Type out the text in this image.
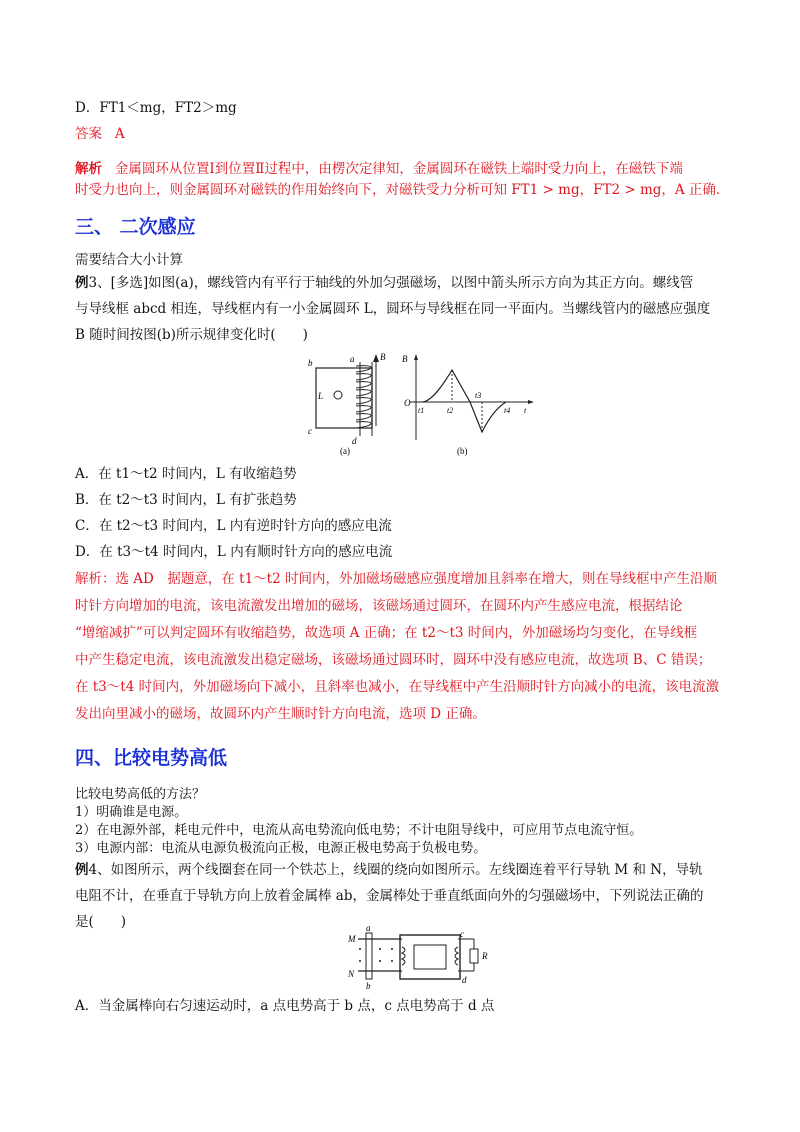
D．FT1＜mg，FT2＞mg
答案 A
解析 金属圆环从位置Ⅰ到位置Ⅱ过程中，由楞次定律知，金属圆环在磁铁上端时受力向上，在磁铁下端
时受力也向上，则金属圆环对磁铁的作用始终向下，对磁铁受力分析可知 FT1 > mg，FT2 > mg，A 正确．
三、 二次感应
需要结合大小计算
例3、[多选]如图(a)，螺线管内有平行于轴线的外加匀强磁场，以图中箭头所示方向为其正方向。螺线管
与导线框 abcd 相连，导线框内有一小金属圆环 L，圆环与导线框在同一平面内。当螺线管内的磁感应强度
B 随时间按图(b)所示规律变化时(　　)
L
b	a	B
c
d
(a)
B
O
t1	t2
t3
t4 t
(b)
A．在 t1～t2 时间内，L 有收缩趋势
B．在 t2～t3 时间内，L 有扩张趋势
C．在 t2～t3 时间内，L 内有逆时针方向的感应电流
D．在 t3～t4 时间内，L 内有顺时针方向的感应电流
解析：选 AD　据题意，在 t1～t2 时间内，外加磁场磁感应强度增加且斜率在增大，则在导线框中产生沿顺
时针方向增加的电流，该电流激发出增加的磁场，该磁场通过圆环，在圆环内产生感应电流，根据结论
“增缩减扩”可以判定圆环有收缩趋势，故选项 A 正确；在 t2～t3 时间内，外加磁场均匀变化，在导线框
中产生稳定电流，该电流激发出稳定磁场，该磁场通过圆环时，圆环中没有感应电流，故选项 B、C 错误；
在 t3～t4 时间内，外加磁场向下减小，且斜率也减小，在导线框中产生沿顺时针方向减小的电流，该电流激
发出向里减小的磁场，故圆环内产生顺时针方向电流，选项 D 正确。
四、比较电势高低
比较电势高低的方法？
1）明确谁是电源。
2）在电源外部，耗电元件中，电流从高电势流向低电势；不计电阻导线中，可应用节点电流守恒。
3）电源内部：电流从电源负极流向正极，电源正极电势高于负极电势。
例4、如图所示，两个线圈套在同一个铁芯上，线圈的绕向如图所示。左线圈连着平行导轨 M 和 N，导轨
电阻不计，在垂直于导轨方向上放着金属棒 ab，金属棒处于垂直纸面向外的匀强磁场中，下列说法正确的
是(　　)
M
N
a
b
c
d
R
A．当金属棒向右匀速运动时，a 点电势高于 b 点，c 点电势高于 d 点
